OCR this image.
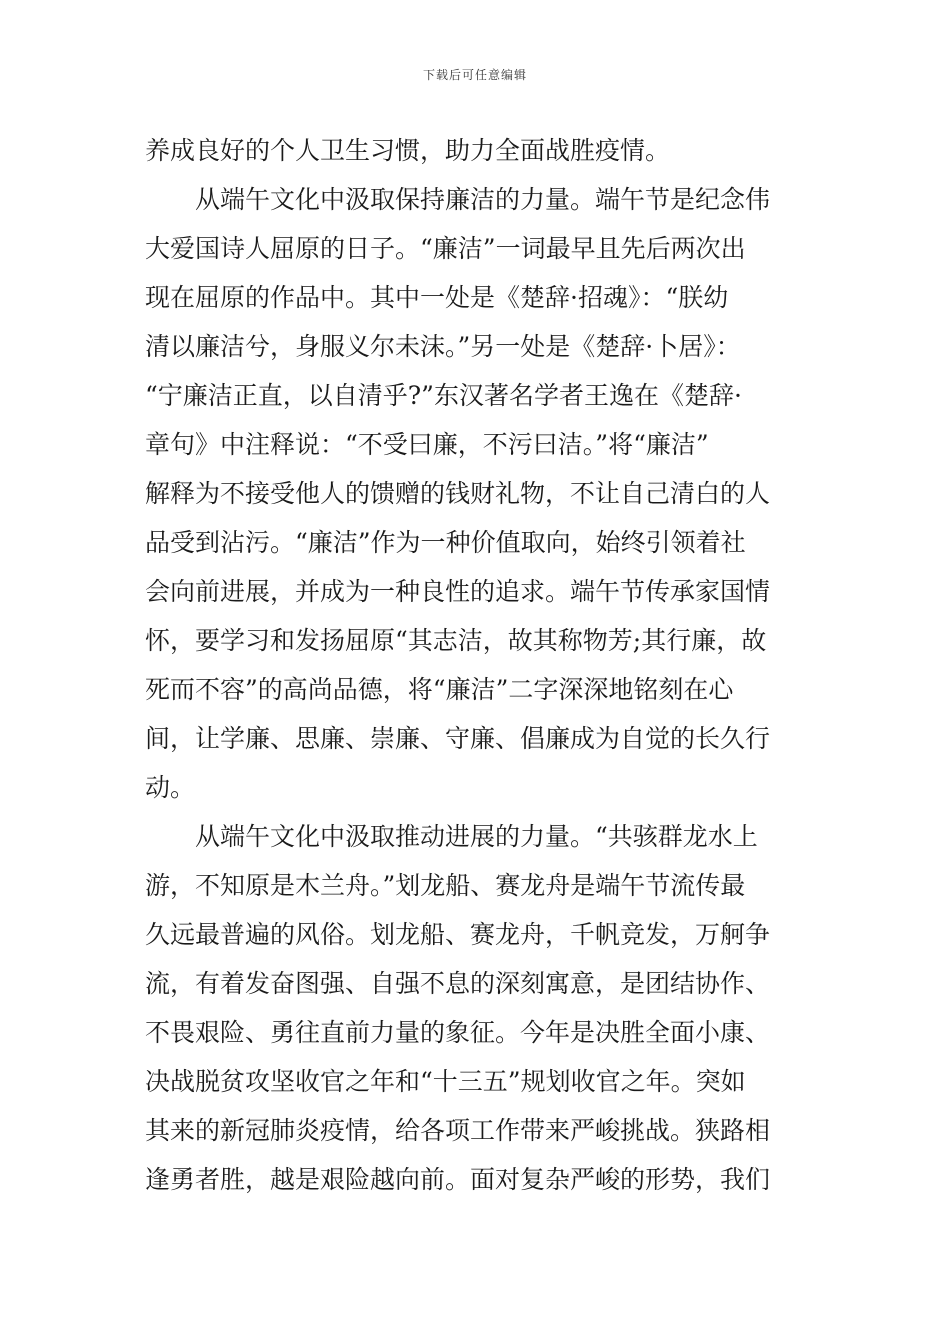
下载后可任意编辑
养成良好的个人卫生习惯，助力全面战胜疫情。
从端午文化中汲取保持廉洁的力量。端午节是纪念伟
大爱国诗人屈原的日子。“廉洁”一词最早且先后两次出
现在屈原的作品中。其中一处是《楚辞·招魂》：“朕幼
清以廉洁兮，身服义尔未沫。”另一处是《楚辞·卜居》：
“宁廉洁正直，以自清乎?”东汉著名学者王逸在《楚辞·
章句》中注释说：“不受曰廉，不污曰洁。”将“廉洁”
解释为不接受他人的馈赠的钱财礼物，不让自己清白的人
品受到沾污。“廉洁”作为一种价值取向，始终引领着社
会向前进展，并成为一种良性的追求。端午节传承家国情
怀，要学习和发扬屈原“其志洁，故其称物芳;其行廉，故
死而不容”的高尚品德，将“廉洁”二字深深地铭刻在心
间，让学廉、思廉、崇廉、守廉、倡廉成为自觉的长久行
动。
从端午文化中汲取推动进展的力量。“共骇群龙水上
游，不知原是木兰舟。”划龙船、赛龙舟是端午节流传最
久远最普遍的风俗。划龙船、赛龙舟，千帆竞发，万舸争
流，有着发奋图强、自强不息的深刻寓意，是团结协作、
不畏艰险、勇往直前力量的象征。今年是决胜全面小康、
决战脱贫攻坚收官之年和“十三五”规划收官之年。突如
其来的新冠肺炎疫情，给各项工作带来严峻挑战。狭路相
逢勇者胜，越是艰险越向前。面对复杂严峻的形势，我们
